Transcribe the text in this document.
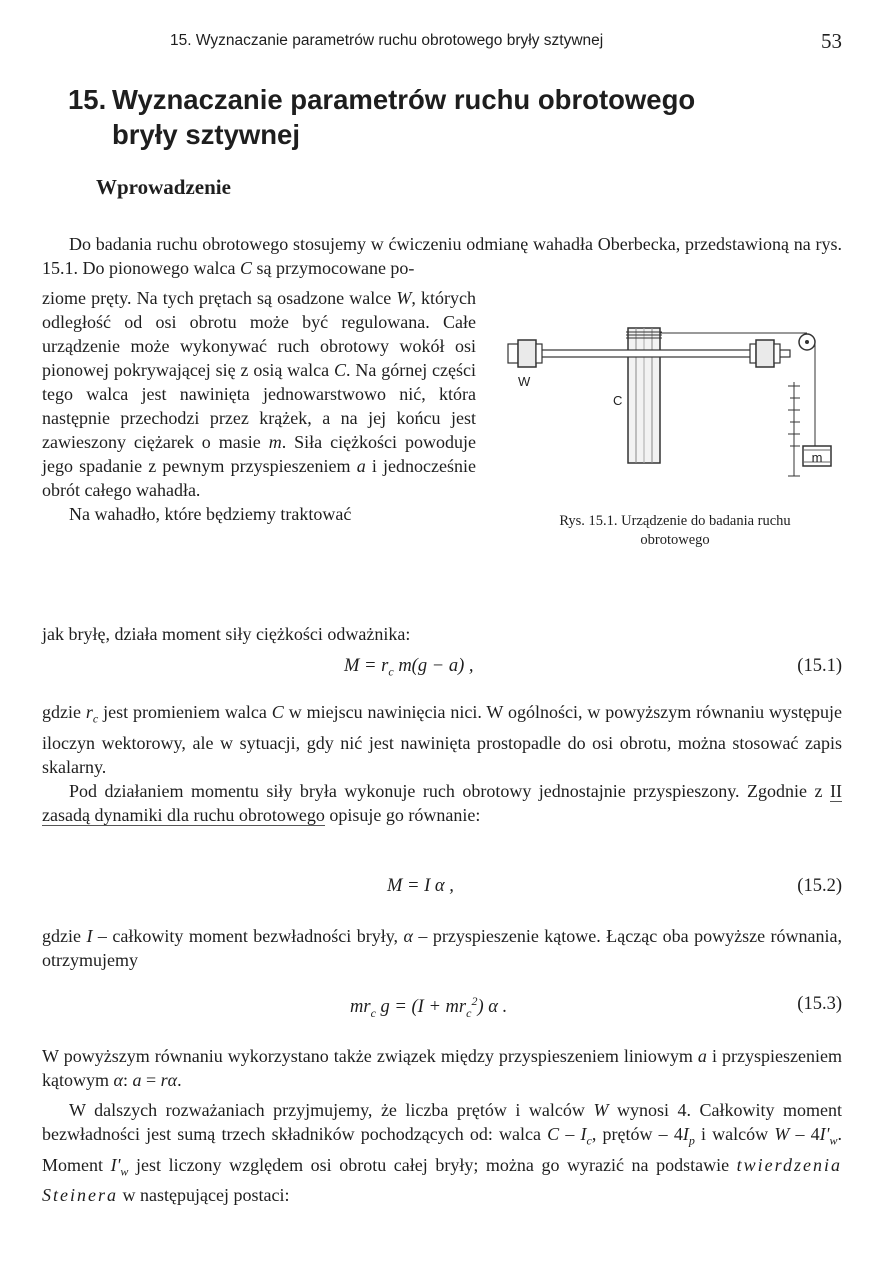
15. Wyznaczanie parametrów ruchu obrotowego bryły sztywnej	53
15. Wyznaczanie parametrów ruchu obrotowego
bryły sztywnej
Wprowadzenie

Do badania ruchu obrotowego stosujemy w ćwiczeniu odmianę wahadła Oberbecka, przedstawioną na rys. 15.1. Do pionowego walca C są przymocowane po-

ziome pręty. Na tych prętach są osadzone walce W, których odległość od osi obrotu może być regulowana. Całe urządzenie może wykonywać ruch obrotowy wokół osi pionowej pokrywającej się z osią walca C. Na górnej części tego walca jest nawinięta jednowarstwowo nić, która następnie przechodzi przez krążek, a na jej końcu jest zawieszony ciężarek o masie m. Siła ciężkości powoduje jego spadanie z pewnym przyspieszeniem a i jednocześnie obrót całego wahadła.

Na wahadło, które będziemy traktować

m
W
C
Rys. 15.1. Urządzenie do badania ruchu
obrotowego

jak bryłę, działa moment siły ciężkości odważnika:

$M = r_c$ m(g − a) ,	(15.1)

gdzie $r_c$ jest promieniem walca C w miejscu nawinięcia nici. W ogólności, w powyższym równaniu występuje iloczyn wektorowy, ale w sytuacji, gdy nić jest nawinięta prostopadle do osi obrotu, można stosować zapis skalarny.

Pod działaniem momentu siły bryła wykonuje ruch obrotowy jednostajnie przyspieszony. Zgodnie z II zasadą dynamiki dla ruchu obrotowego opisuje go równanie:

M = I α ,	(15.2)

gdzie I – całkowity moment bezwładności bryły, α – przyspieszenie kątowe. Łącząc oba powyższe równania, otrzymujemy

$mr_c$ $g = (I + mr_c^2)$ α .	(15.3)

W powyższym równaniu wykorzystano także związek między przyspieszeniem liniowym a i przyspieszeniem kątowym α: a = rα.

W dalszych rozważaniach przyjmujemy, że liczba prętów i walców W wynosi 4. Całkowity moment bezwładności jest sumą trzech składników pochodzących od: walca C – $I_c$, prętów – $4I_p$ i walców W – $4I'_w$. Moment $I'_w$ jest liczony względem osi obrotu całej bryły; można go wyrazić na podstawie twierdzenia Steinera w następującej postaci:
